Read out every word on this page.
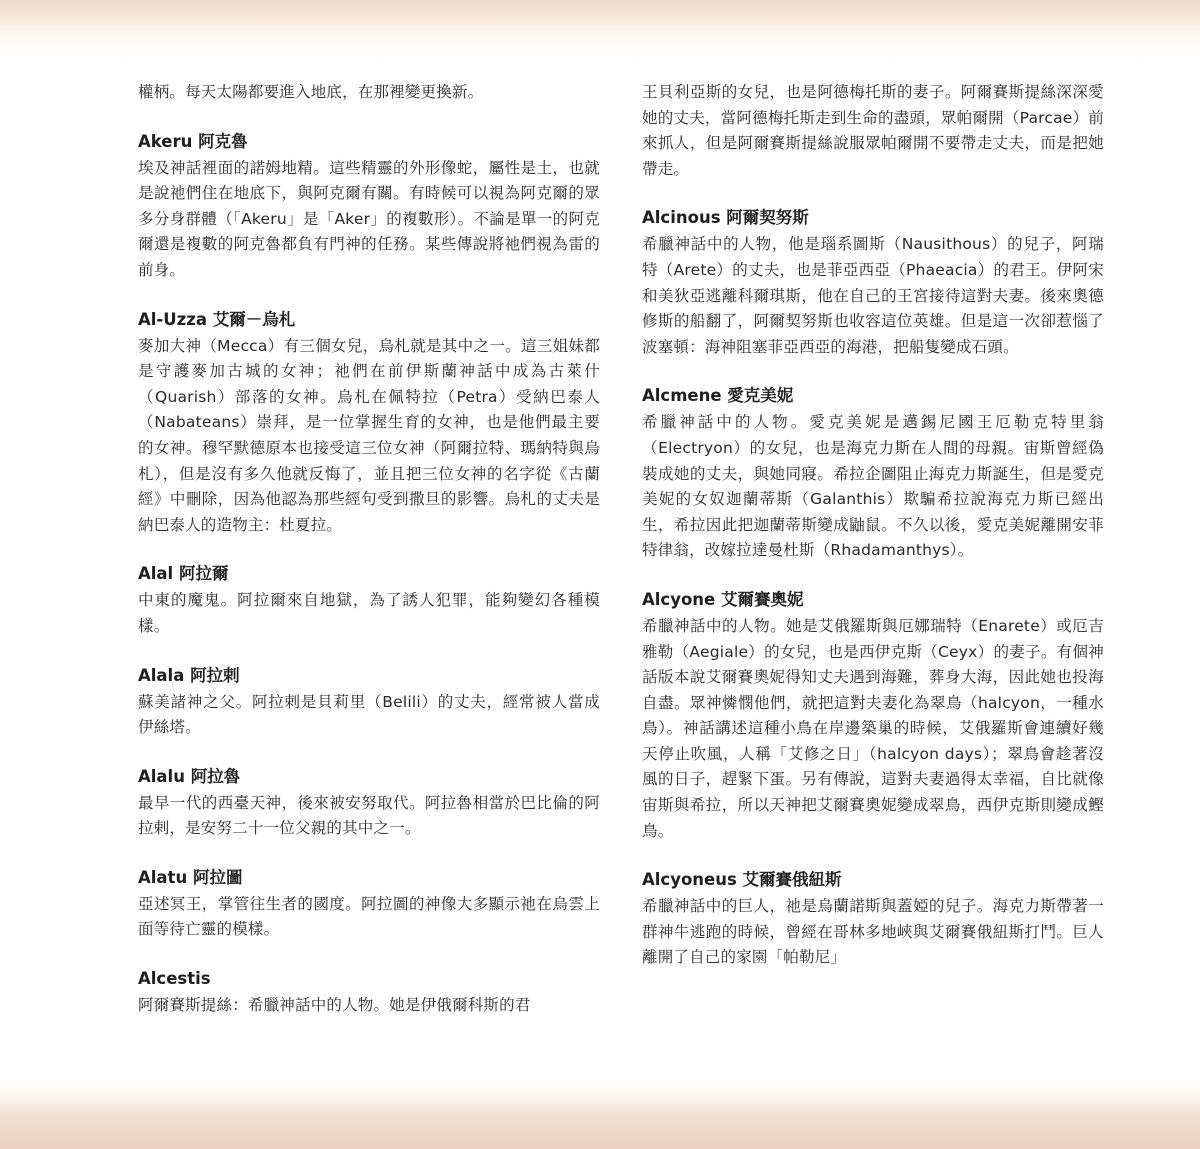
權柄。每天太陽都要進入地底，在那裡變更換新。

Akeru 阿克魯

埃及神話裡面的諾姆地精。這些精靈的外形像蛇，屬性是土，也就是說祂們住在地底下，與阿克爾有關。有時候可以視為阿克爾的眾多分身群體（「Akeru」是「Aker」的複數形）。不論是單一的阿克爾還是複數的阿克魯都負有門神的任務。某些傳說將祂們視為雷的前身。

Al-Uzza 艾爾－烏札

麥加大神（Mecca）有三個女兒，烏札就是其中之一。這三姐妹都是守護麥加古城的女神；祂們在前伊斯蘭神話中成為古萊什（Quarish）部落的女神。烏札在佩特拉（Petra）受納巴泰人（Nabateans）崇拜，是一位掌握生育的女神，也是他們最主要的女神。穆罕默德原本也接受這三位女神（阿爾拉特、瑪納特與烏札），但是沒有多久他就反悔了，並且把三位女神的名字從《古蘭經》中刪除，因為他認為那些經句受到撒旦的影響。烏札的丈夫是納巴泰人的造物主：杜夏拉。

Alal 阿拉爾

中東的魔鬼。阿拉爾來自地獄，為了誘人犯罪，能夠變幻各種模樣。

Alala 阿拉剌

蘇美諸神之父。阿拉剌是貝莉里（Belili）的丈夫，經常被人當成伊絲塔。

Alalu 阿拉魯

最早一代的西臺天神，後來被安努取代。阿拉魯相當於巴比倫的阿拉剌，是安努二十一位父親的其中之一。

Alatu 阿拉圖

亞述冥王，掌管往生者的國度。阿拉圖的神像大多顯示祂在烏雲上面等待亡靈的模樣。

Alcestis

阿爾賽斯提絲：希臘神話中的人物。她是伊俄爾科斯的君

王貝利亞斯的女兒，也是阿德梅托斯的妻子。阿爾賽斯提絲深深愛她的丈夫，當阿德梅托斯走到生命的盡頭，眾帕爾開（Parcae）前來抓人，但是阿爾賽斯提絲說服眾帕爾開不要帶走丈夫，而是把她帶走。

Alcinous 阿爾契努斯

希臘神話中的人物，他是瑙系圖斯（Nausithous）的兒子，阿瑞特（Arete）的丈夫，也是菲亞西亞（Phaeacia）的君王。伊阿宋和美狄亞逃離科爾琪斯，他在自己的王宮接待這對夫妻。後來奧德修斯的船翻了，阿爾契努斯也收容這位英雄。但是這一次卻惹惱了波塞頓：海神阻塞菲亞西亞的海港，把船隻變成石頭。

Alcmene 愛克美妮

希臘神話中的人物。愛克美妮是邁錫尼國王厄勒克特里翁（Electryon）的女兒，也是海克力斯在人間的母親。宙斯曾經偽裝成她的丈夫，與她同寢。希拉企圖阻止海克力斯誕生，但是愛克美妮的女奴迦蘭蒂斯（Galanthis）欺騙希拉說海克力斯已經出生，希拉因此把迦蘭蒂斯變成鼬鼠。不久以後，愛克美妮離開安菲特律翁，改嫁拉達曼杜斯（Rhadamanthys）。

Alcyone 艾爾賽奧妮

希臘神話中的人物。她是艾俄羅斯與厄娜瑞特（Enarete）或厄吉雅勒（Aegiale）的女兒，也是西伊克斯（Ceyx）的妻子。有個神話版本說艾爾賽奧妮得知丈夫遇到海難，葬身大海，因此她也投海自盡。眾神憐憫他們，就把這對夫妻化為翠鳥（halcyon，一種水鳥）。神話講述這種小鳥在岸邊築巢的時候，艾俄羅斯會連續好幾天停止吹風，人稱「艾修之日」（halcyon days）；翠鳥會趁著沒風的日子，趕緊下蛋。另有傳說，這對夫妻過得太幸福，自比就像宙斯與希拉，所以天神把艾爾賽奧妮變成翠鳥，西伊克斯則變成鰹鳥。

Alcyoneus 艾爾賽俄紐斯

希臘神話中的巨人，祂是烏蘭諾斯與蓋婭的兒子。海克力斯帶著一群神牛逃跑的時候，曾經在哥林多地峽與艾爾賽俄紐斯打鬥。巨人離開了自己的家園「帕勒尼」
